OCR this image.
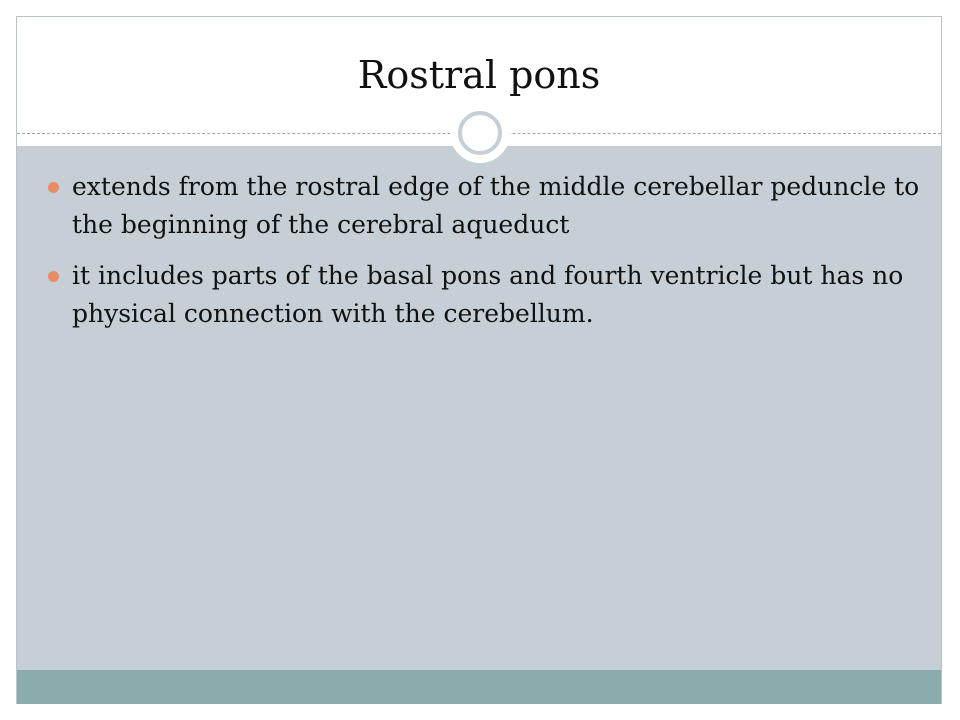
Rostral pons
extends from the rostral edge of the middle cerebellar peduncle to the beginning of the cerebral aqueduct
it includes parts of the basal pons and fourth ventricle but has no physical connection with the cerebellum.
